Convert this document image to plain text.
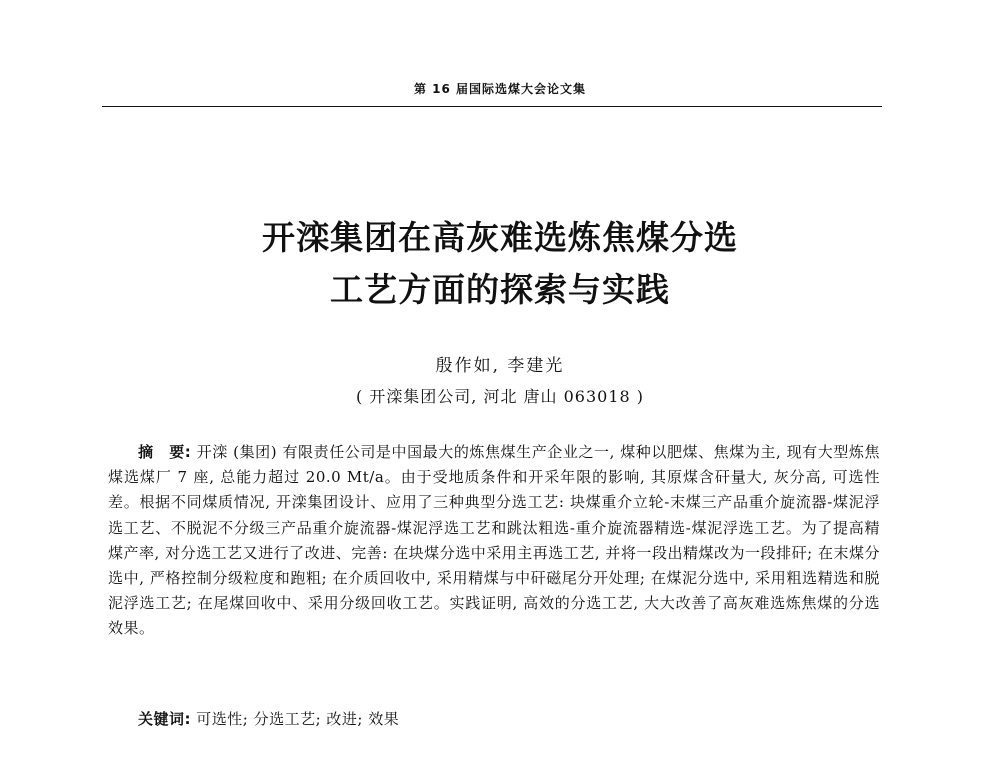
第 16 届国际选煤大会论文集
开滦集团在高灰难选炼焦煤分选
工艺方面的探索与实践
殷作如, 李建光
( 开滦集团公司, 河北 唐山 063018 )

摘　要: 开滦 (集团) 有限责任公司是中国最大的炼焦煤生产企业之一, 煤种以肥煤、焦煤为主, 现有大型炼焦煤选煤厂 7 座, 总能力超过 20.0 Mt/a。由于受地质条件和开采年限的影响, 其原煤含矸量大, 灰分高, 可选性差。根据不同煤质情况, 开滦集团设计、应用了三种典型分选工艺: 块煤重介立轮-末煤三产品重介旋流器-煤泥浮选工艺、不脱泥不分级三产品重介旋流器-煤泥浮选工艺和跳汰粗选-重介旋流器精选-煤泥浮选工艺。为了提高精煤产率, 对分选工艺又进行了改进、完善: 在块煤分选中采用主再选工艺, 并将一段出精煤改为一段排矸; 在末煤分选中, 严格控制分级粒度和跑粗; 在介质回收中, 采用精煤与中矸磁尾分开处理; 在煤泥分选中, 采用粗选精选和脱泥浮选工艺; 在尾煤回收中、采用分级回收工艺。实践证明, 高效的分选工艺, 大大改善了高灰难选炼焦煤的分选效果。

关键词: 可选性; 分选工艺; 改进; 效果
